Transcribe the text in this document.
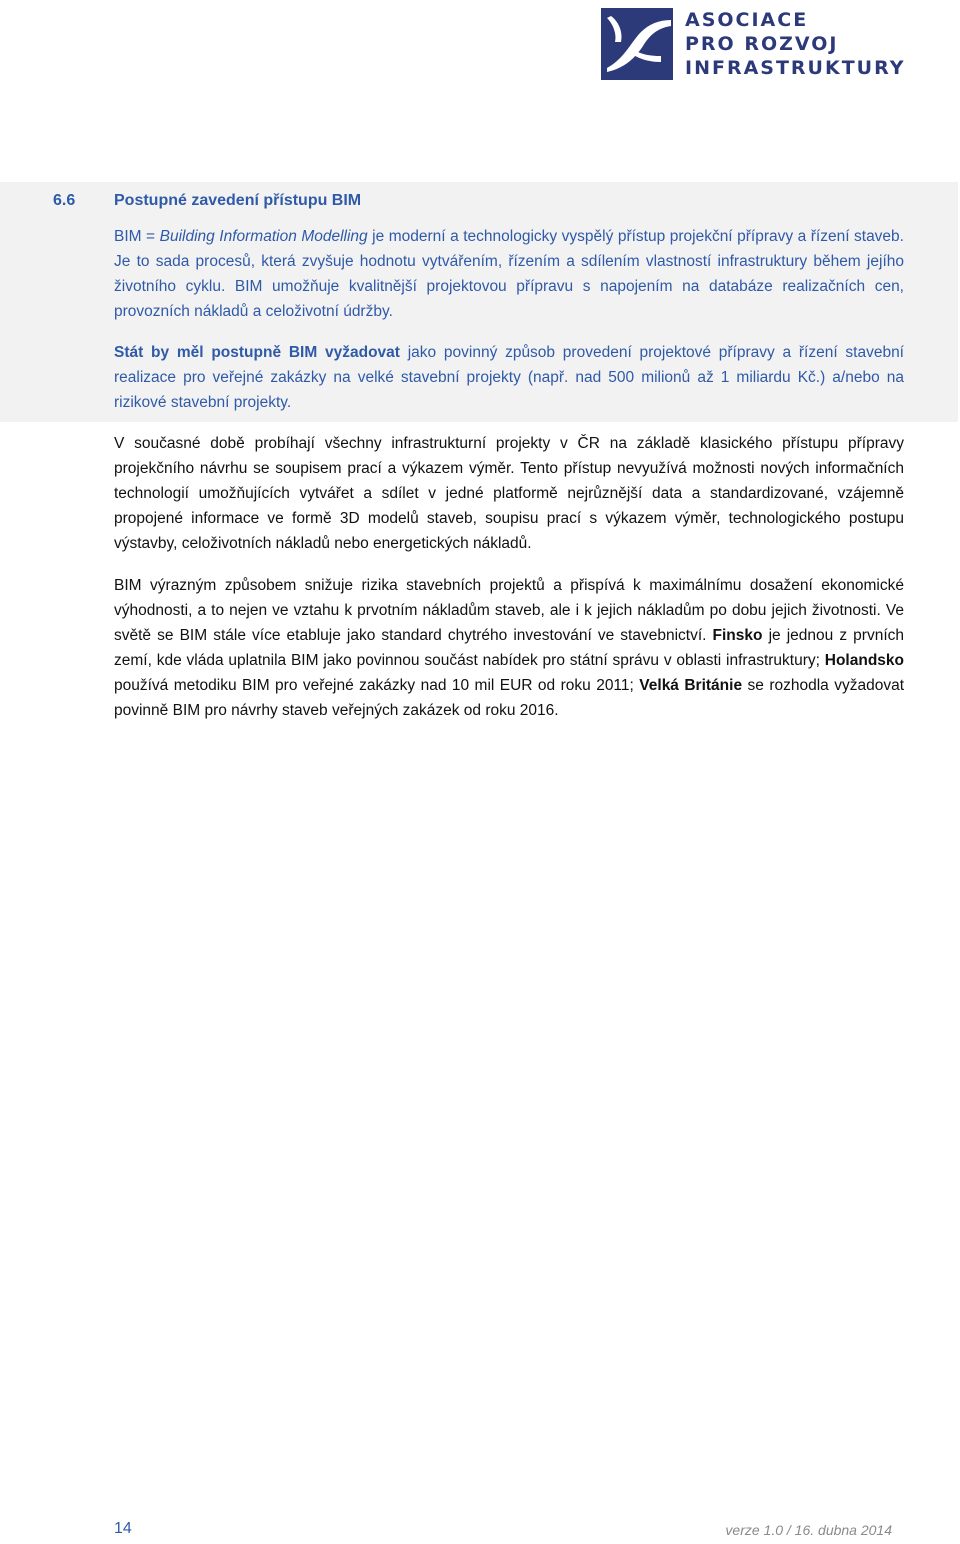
ASOCIACE
PRO ROZVOJ
INFRASTRUKTURY
6.6 Postupné zavedení přístupu BIM

BIM = Building Information Modelling je moderní a technologicky vyspělý přístup projekční přípravy a řízení staveb. Je to sada procesů, která zvyšuje hodnotu vytvářením, řízením a sdílením vlastností infrastruktury během jejího životního cyklu. BIM umožňuje kvalitnější projektovou přípravu s napojením na databáze realizačních cen, provozních nákladů a celoživotní údržby.

Stát by měl postupně BIM vyžadovat jako povinný způsob provedení projektové přípravy a řízení stavební realizace pro veřejné zakázky na velké stavební projekty (např. nad 500 milionů až 1 miliardu Kč.) a/nebo na rizikové stavební projekty.

V současné době probíhají všechny infrastrukturní projekty v ČR na základě klasického přístupu přípravy projekčního návrhu se soupisem prací a výkazem výměr. Tento přístup nevyužívá možnosti nových informačních technologií umožňujících vytvářet a sdílet v jedné platformě nejrůznější data a standardizované, vzájemně propojené informace ve formě 3D modelů staveb, soupisu prací s výkazem výměr, technologického postupu výstavby, celoživotních nákladů nebo energetických nákladů.

BIM výrazným způsobem snižuje rizika stavebních projektů a přispívá k maximálnímu dosažení ekonomické výhodnosti, a to nejen ve vztahu k prvotním nákladům staveb, ale i k jejich nákladům po dobu jejich životnosti. Ve světě se BIM stále více etabluje jako standard chytrého investování ve stavebnictví. Finsko je jednou z prvních zemí, kde vláda uplatnila BIM jako povinnou součást nabídek pro státní správu v oblasti infrastruktury; Holandsko používá metodiku BIM pro veřejné zakázky nad 10 mil EUR od roku 2011; Velká Británie se rozhodla vyžadovat povinně BIM pro návrhy staveb veřejných zakázek od roku 2016.

14	verze 1.0 / 16. dubna 2014
